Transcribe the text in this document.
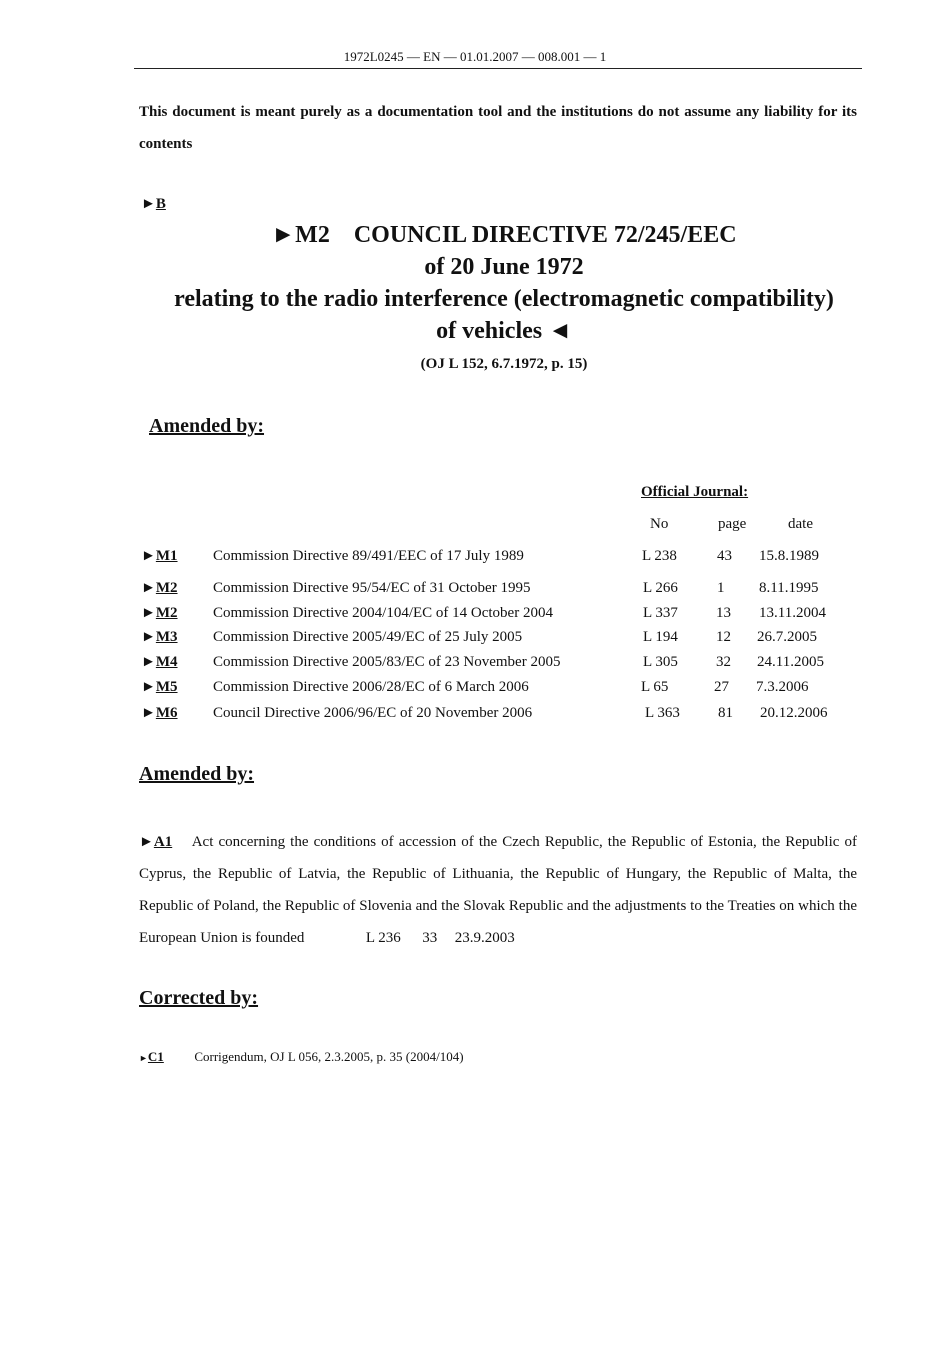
1972L0245 — EN — 01.01.2007 — 008.001 — 1
This document is meant purely as a documentation tool and the institutions do not assume any liability for its contents
►B
►M2    COUNCIL DIRECTIVE 72/245/EEC
of 20 June 1972
relating to the radio interference (electromagnetic compatibility)
of vehicles ◄
(OJ L 152, 6.7.1972, p. 15)
Amended by:
Official Journal:
No	page	date
►M1 Commission Directive 89/491/EEC of 17 July 1989	L 238	43 15.8.1989
►M2 Commission Directive 95/54/EC of 31 October 1995	L 266	1 8.11.1995
►M2 Commission Directive 2004/104/EC of 14 October 2004	L 337	13 13.11.2004
►M3 Commission Directive 2005/49/EC of 25 July 2005	L 194	12 26.7.2005
►M4 Commission Directive 2005/83/EC of 23 November 2005	L 305	32 24.11.2005
►M5 Commission Directive 2006/28/EC of 6 March 2006	L 65	27 7.3.2006
►M6 Council Directive 2006/96/EC of 20 November 2006	L 363	81 20.12.2006
Amended by:
►A1 Act concerning the conditions of accession of the Czech Republic, the Republic of Estonia, the Republic of Cyprus, the Republic of Latvia, the Republic of Lithuania, the Republic of Hungary, the Republic of Malta, the Republic of Poland, the Republic of Slovenia and the Slovak Republic and the adjustments to the Treaties on which the European Union is founded	L 236 33 23.9.2003
Corrected by:
►C1 Corrigendum, OJ L 056, 2.3.2005, p. 35 (2004/104)
